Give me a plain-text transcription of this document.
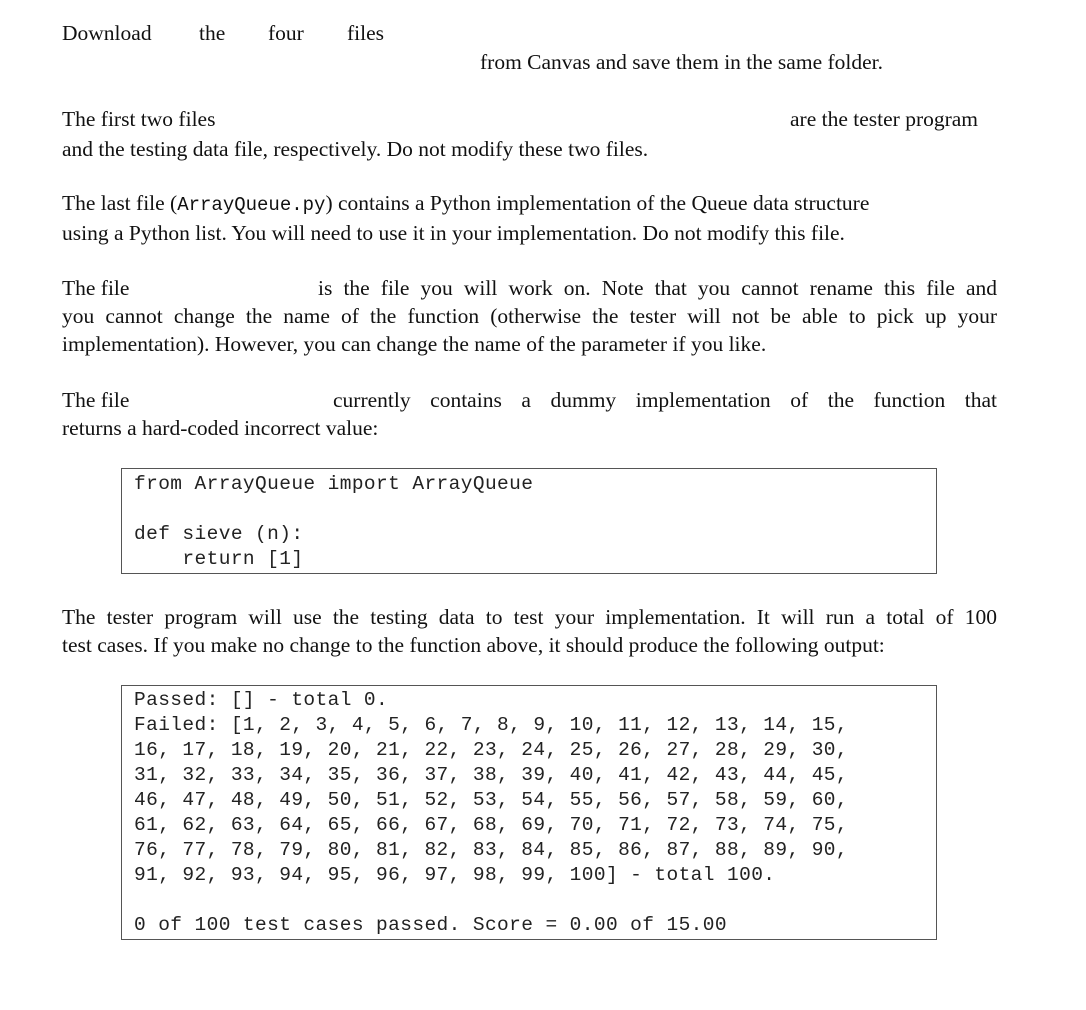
Download the four files
from Canvas and save them in the same folder.
The first two files	are the tester program
and the testing data file, respectively. Do not modify these two files.
The last file (ArrayQueue.py) contains a Python implementation of the Queue data structure
using a Python list. You will need to use it in your implementation. Do not modify this file.
The file	is the file you will work on. Note that you cannot rename this file and
you cannot change the name of the function (otherwise the tester will not be able to pick up your
implementation). However, you can change the name of the parameter if you like.
The file	currently contains a dummy implementation of the function that
returns a hard-coded incorrect value:
from ArrayQueue import ArrayQueue
def sieve (n):
return [1]
The tester program will use the testing data to test your implementation. It will run a total of 100
test cases. If you make no change to the function above, it should produce the following output:
Passed: [] - total 0.
Failed: [1, 2, 3, 4, 5, 6, 7, 8, 9, 10, 11, 12, 13, 14, 15,
16, 17, 18, 19, 20, 21, 22, 23, 24, 25, 26, 27, 28, 29, 30,
31, 32, 33, 34, 35, 36, 37, 38, 39, 40, 41, 42, 43, 44, 45,
46, 47, 48, 49, 50, 51, 52, 53, 54, 55, 56, 57, 58, 59, 60,
61, 62, 63, 64, 65, 66, 67, 68, 69, 70, 71, 72, 73, 74, 75,
76, 77, 78, 79, 80, 81, 82, 83, 84, 85, 86, 87, 88, 89, 90,
91, 92, 93, 94, 95, 96, 97, 98, 99, 100] - total 100.
0 of 100 test cases passed. Score = 0.00 of 15.00
